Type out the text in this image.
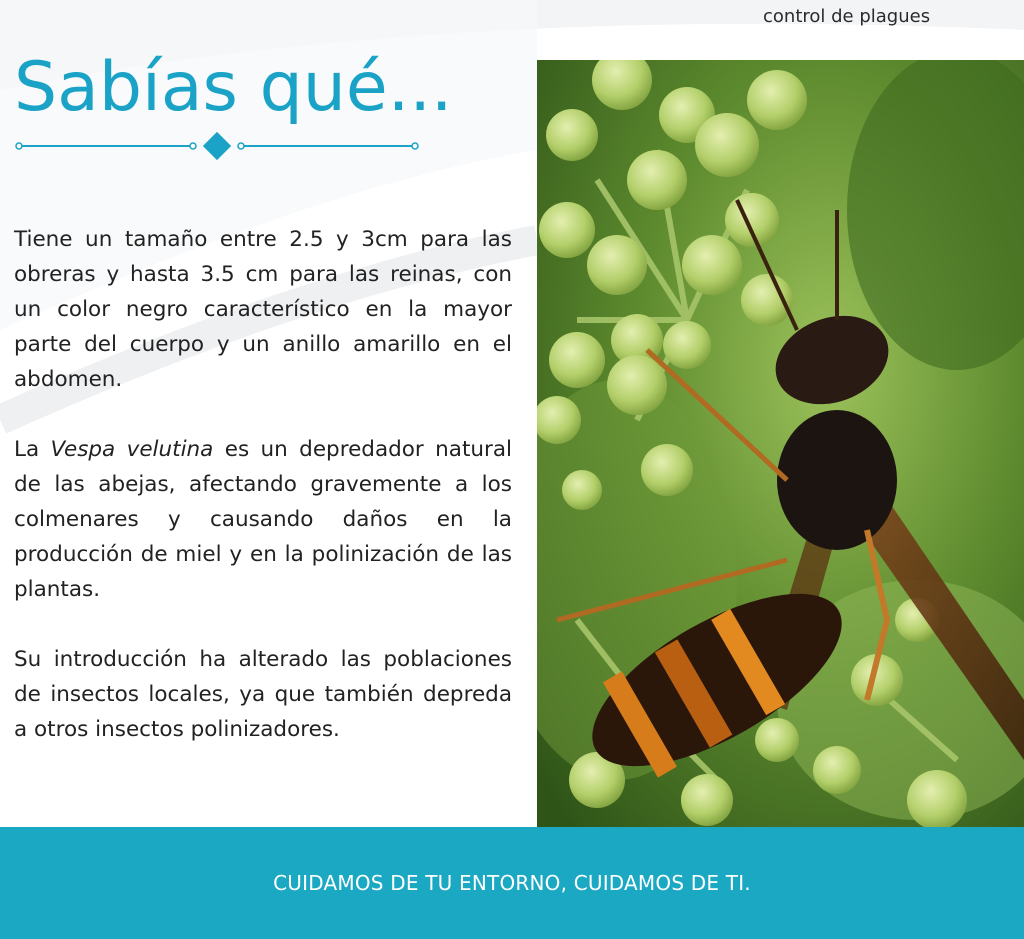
control de plagues
Sabías qué...

Tiene un tamaño entre 2.5 y 3cm para las obreras y hasta 3.5 cm para las reinas, con un color negro característico en la mayor parte del cuerpo y un anillo amarillo en el abdomen.

La Vespa velutina es un depredador natural de las abejas, afectando gravemente a los colmenares y causando daños en la producción de miel y en la polinización de las plantas.

Su introducción ha alterado las poblaciones de insectos locales, ya que también depreda a otros insectos polinizadores.

CUIDAMOS DE TU ENTORNO, CUIDAMOS DE TI.
